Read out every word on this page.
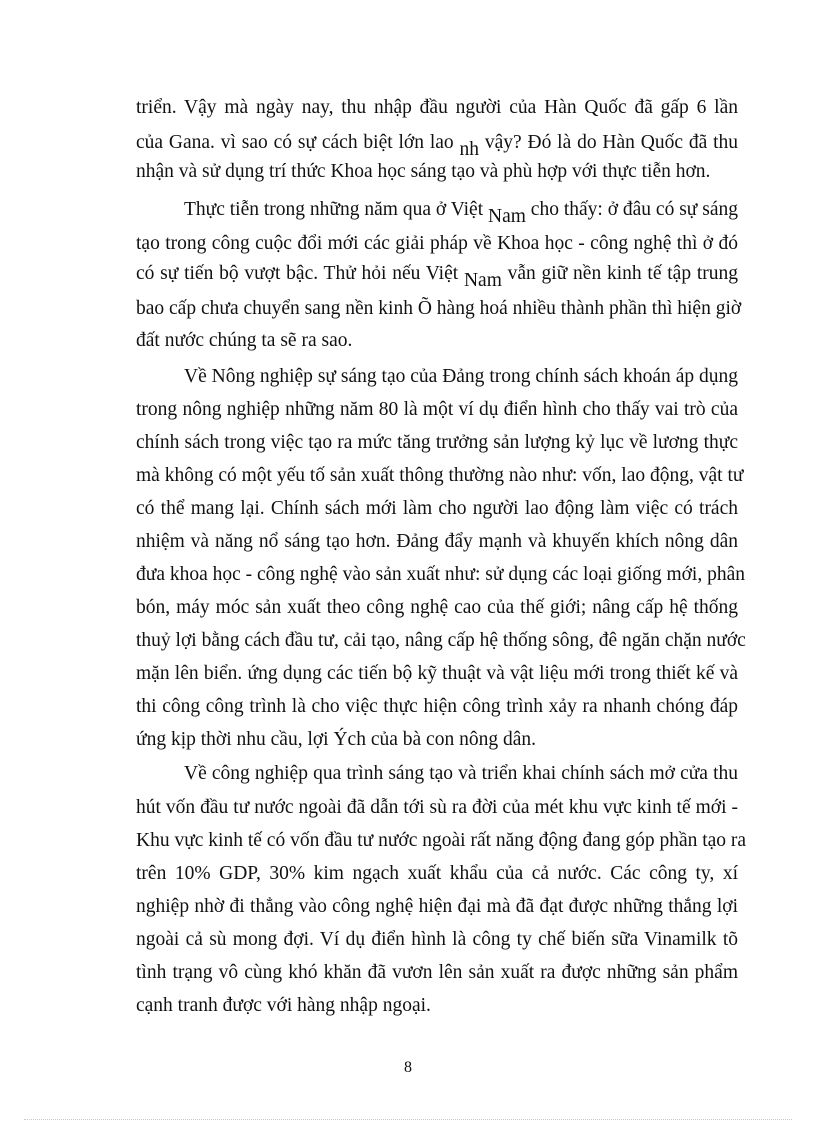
triển. Vậy mà ngày nay, thu nhập đầu người của Hàn Quốc đã gấp 6 lần
của Gana. vì sao có sự cách biệt lớn lao nh vậy? Đó là do Hàn Quốc đã thu
nhận và sử dụng trí thức Khoa học sáng tạo và phù hợp với thực tiễn hơn.
Thực tiễn trong những năm qua ở Việt Nam cho thấy: ở đâu có sự sáng
tạo trong công cuộc đổi mới các giải pháp về Khoa học - công nghệ thì ở đó
có sự tiến bộ vượt bậc. Thử hỏi nếu Việt Nam vẫn giữ nền kinh tế tập trung
bao cấp chưa chuyển sang nền kinh Õ hàng hoá nhiều thành phần thì hiện giờ
đất nước chúng ta sẽ ra sao.
Về Nông nghiệp sự sáng tạo của Đảng trong chính sách khoán áp dụng
trong nông nghiệp những năm 80 là một ví dụ điển hình cho thấy vai trò của
chính sách trong việc tạo ra mức tăng trưởng sản lượng kỷ lục về lương thực
mà không có một yếu tố sản xuất thông thường nào như: vốn, lao động, vật tư
có thể mang lại. Chính sách mới làm cho người lao động làm việc có trách
nhiệm và năng nổ sáng tạo hơn. Đảng đẩy mạnh và khuyến khích nông dân
đưa khoa học - công nghệ vào sản xuất như: sử dụng các loại giống mới, phân
bón, máy móc sản xuất theo công nghệ cao của thế giới; nâng cấp hệ thống
thuỷ lợi bằng cách đầu tư, cải tạo, nâng cấp hệ thống sông, đê ngăn chặn nước
mặn lên biển. ứng dụng các tiến bộ kỹ thuật và vật liệu mới trong thiết kế và
thi công công trình là cho việc thực hiện công trình xảy ra nhanh chóng đáp
ứng kịp thời nhu cầu, lợi Ých của bà con nông dân.
Về công nghiệp qua trình sáng tạo và triển khai chính sách mở cửa thu
hút vốn đầu tư nước ngoài đã dẫn tới sù ra đời của mét khu vực kinh tế mới -
Khu vực kinh tế có vốn đầu tư nước ngoài rất năng động đang góp phần tạo ra
trên 10% GDP, 30% kim ngạch xuất khẩu của cả nước. Các công ty, xí
nghiệp nhờ đi thẳng vào công nghệ hiện đại mà đã đạt được những thắng lợi
ngoài cả sù mong đợi. Ví dụ điển hình là công ty chế biến sữa Vinamilk tõ
tình trạng vô cùng khó khăn đã vươn lên sản xuất ra được những sản phẩm
cạnh tranh được với hàng nhập ngoại.
8
